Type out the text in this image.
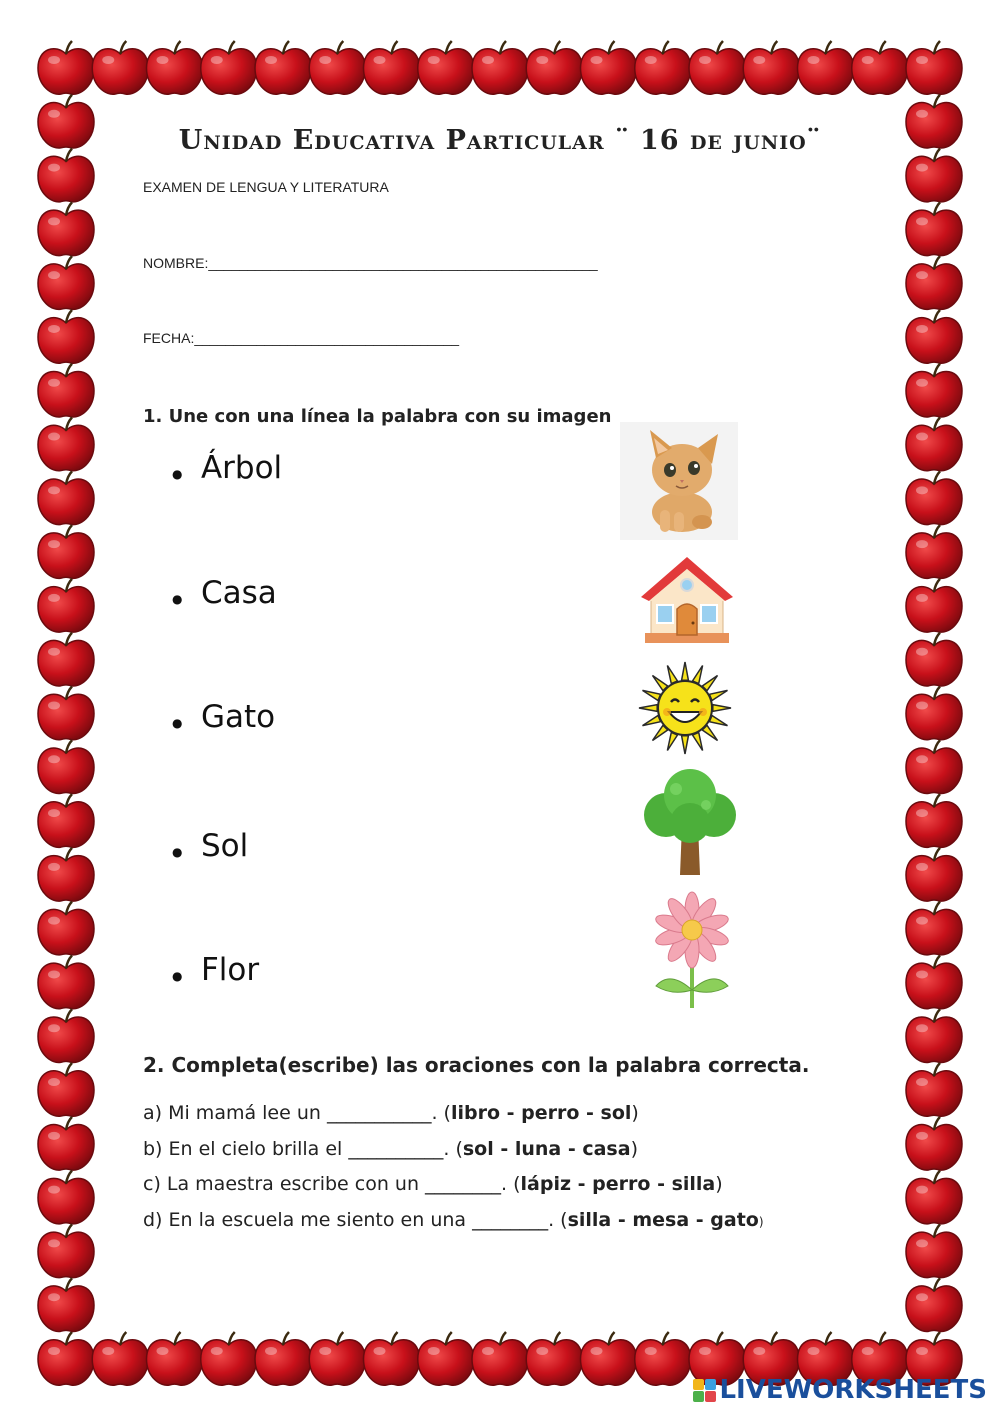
Unidad Educativa Particular ¨ 16 de junio¨
EXAMEN DE LENGUA Y LITERATURA
NOMBRE:__________________________________________________
FECHA:__________________________________
1. Une con una línea la palabra con su imagen
● Árbol
● Casa
● Gato
● Sol
● Flor
2. Completa(escribe) las oraciones con la palabra correcta.
a) Mi mamá lee un ___________. (libro - perro - sol)
b) En el cielo brilla el __________. (sol - luna - casa)
c) La maestra escribe con un ________. (lápiz - perro - silla)
d) En la escuela me siento en una ________. (silla - mesa - gato)
LIVEWORKSHEETS
